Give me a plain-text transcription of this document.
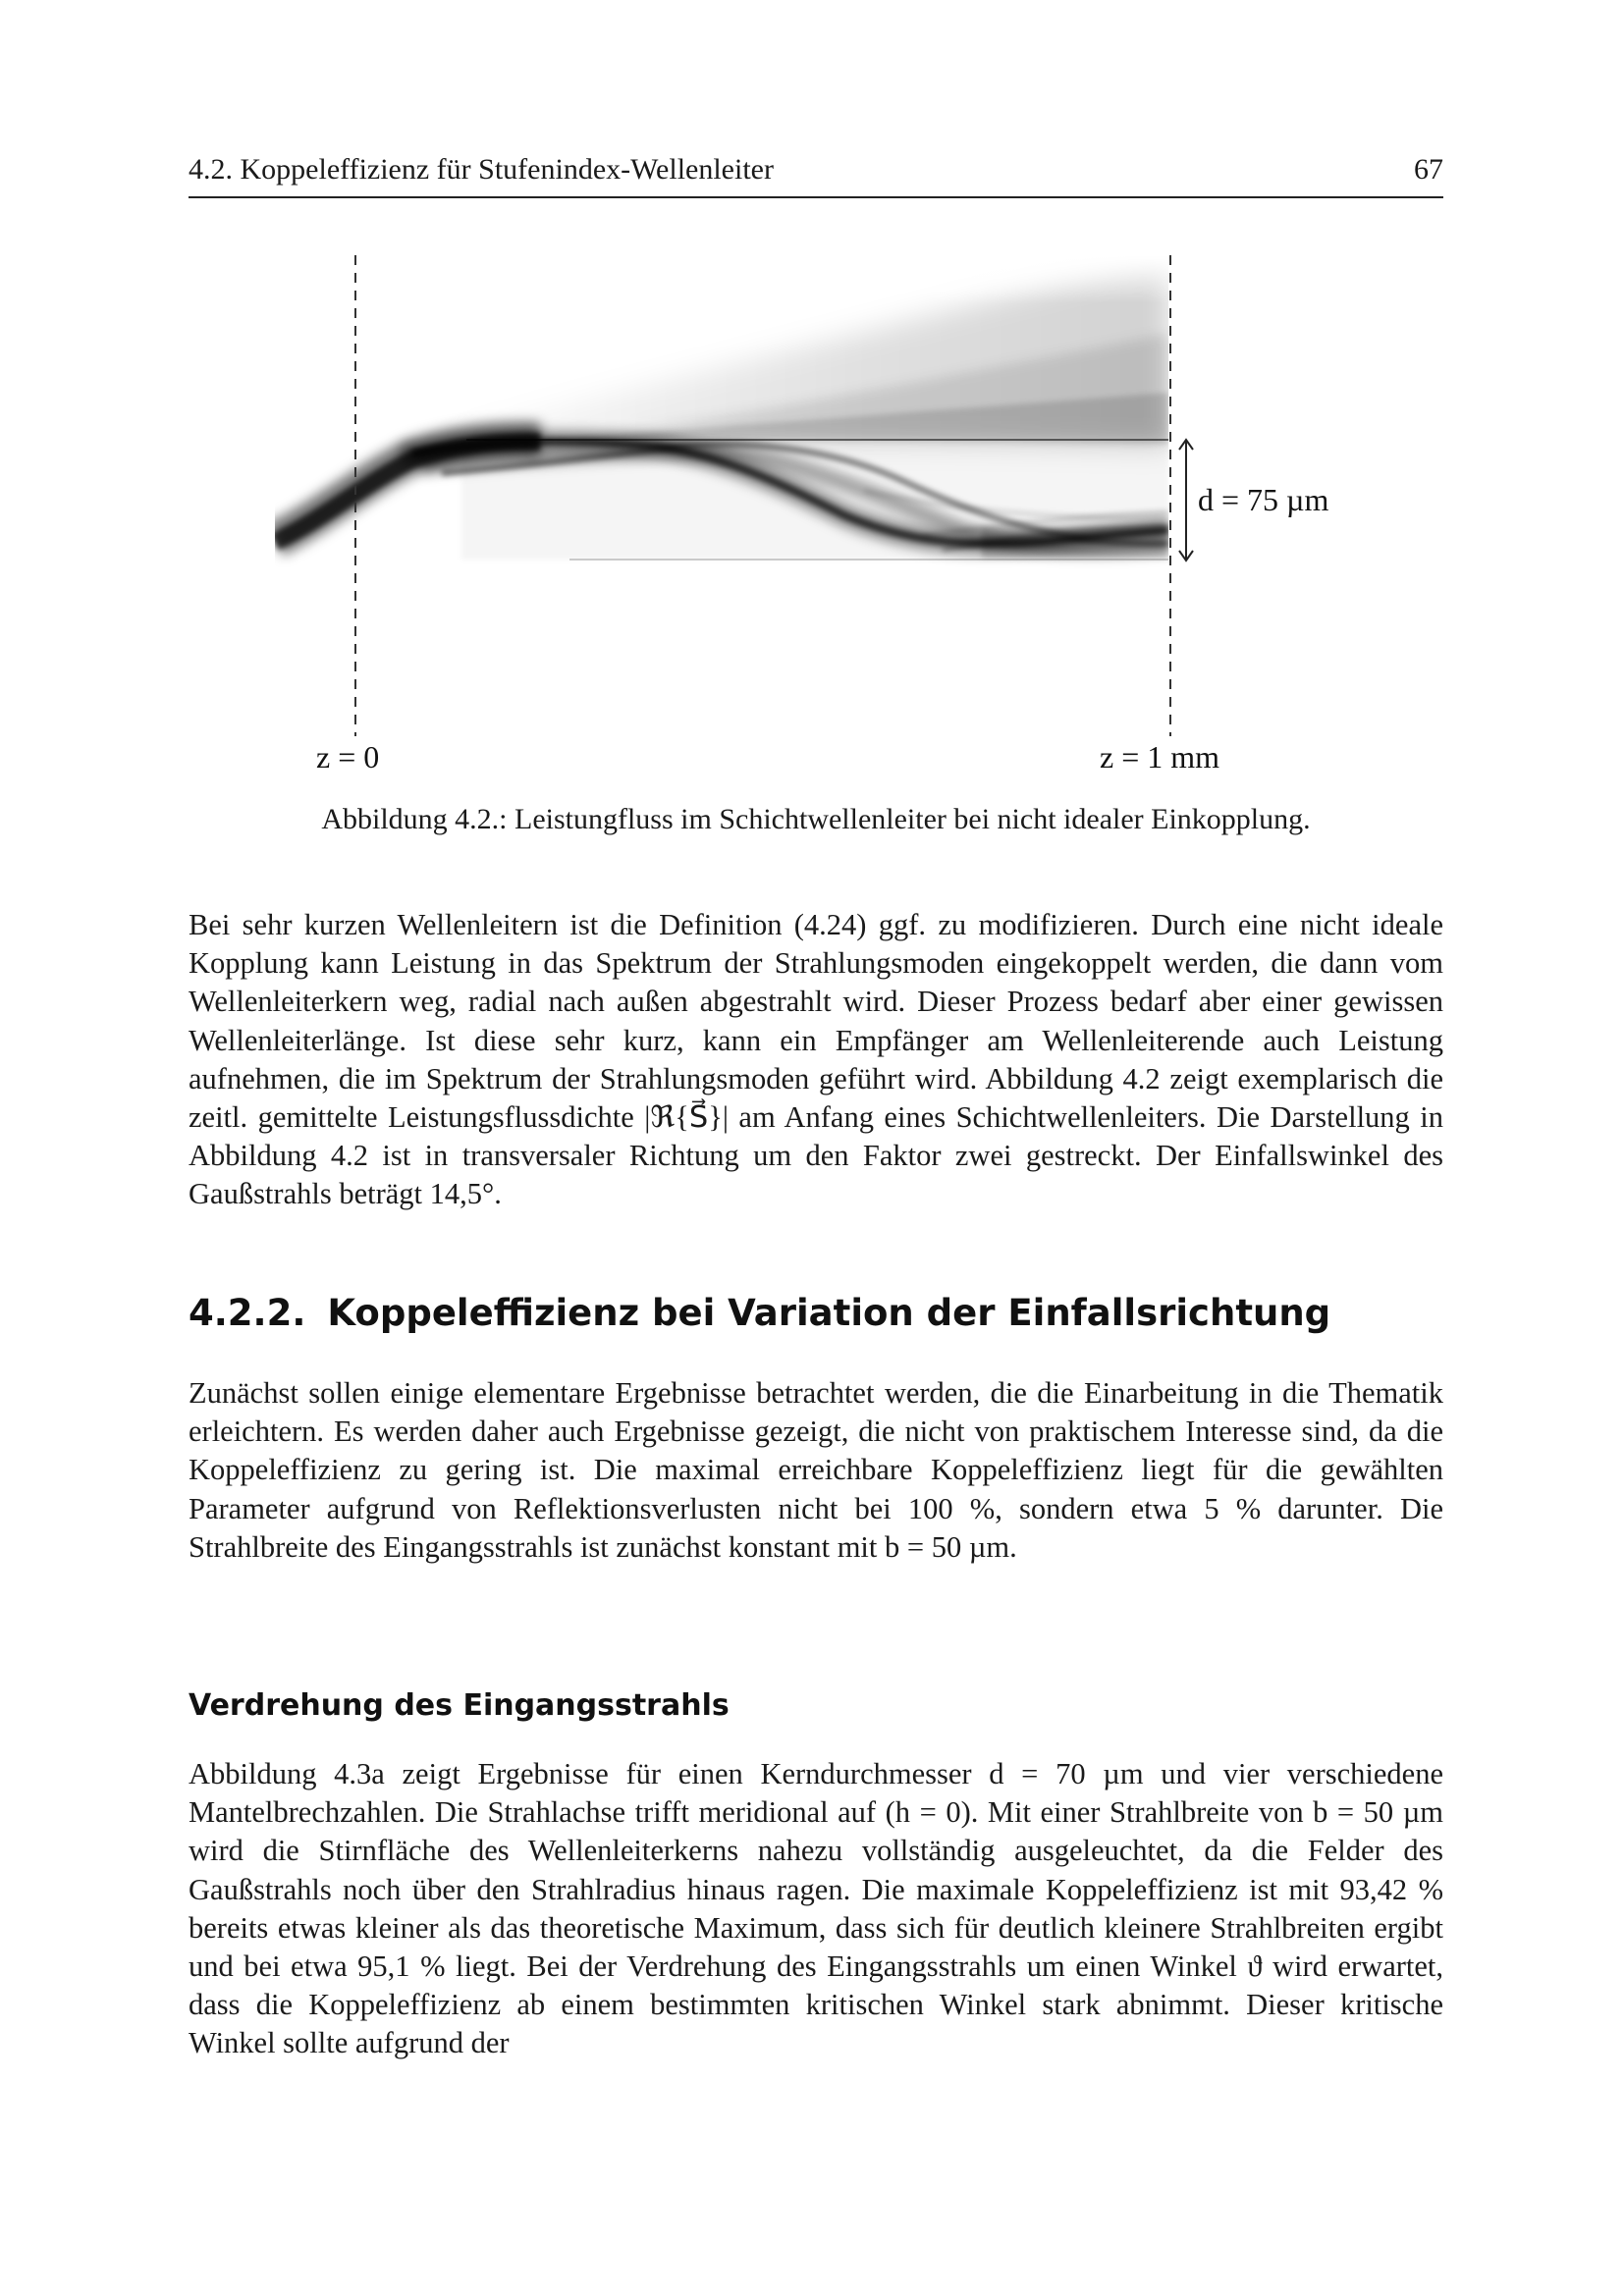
4.2. Koppeleffizienz für Stufenindex-Wellenleiter	67
d = 75 µm
z = 0	z = 1 mm
Abbildung 4.2.: Leistungfluss im Schichtwellenleiter bei nicht idealer Einkopplung.

Bei sehr kurzen Wellenleitern ist die Definition (4.24) ggf. zu modifizieren. Durch eine nicht ideale Kopplung kann Leistung in das Spektrum der Strahlungsmoden eingekoppelt werden, die dann vom Wellenleiterkern weg, radial nach außen abgestrahlt wird. Dieser Prozess bedarf aber einer gewissen Wellenleiterlänge. Ist diese sehr kurz, kann ein Empfänger am Wellenleiterende auch Leistung aufnehmen, die im Spektrum der Strahlungsmoden geführt wird. Abbildung 4.2 zeigt exemplarisch die zeitl. gemittelte Leistungsflussdichte |ℜ{S⃗}| am Anfang eines Schichtwellenleiters. Die Darstellung in Abbildung 4.2 ist in transversaler Richtung um den Faktor zwei gestreckt. Der Einfallswinkel des Gaußstrahls beträgt 14,5°.

4.2.2. Koppeleffizienz bei Variation der Einfallsrichtung

Zunächst sollen einige elementare Ergebnisse betrachtet werden, die die Einarbeitung in die Thematik erleichtern. Es werden daher auch Ergebnisse gezeigt, die nicht von praktischem Interesse sind, da die Koppeleffizienz zu gering ist. Die maximal erreichbare Koppeleffizienz liegt für die gewählten Parameter aufgrund von Reflektionsverlusten nicht bei 100 %, sondern etwa 5 % darunter. Die Strahlbreite des Eingangsstrahls ist zunächst konstant mit b = 50 µm.

Verdrehung des Eingangsstrahls

Abbildung 4.3a zeigt Ergebnisse für einen Kerndurchmesser d = 70 µm und vier verschiedene Mantelbrechzahlen. Die Strahlachse trifft meridional auf (h = 0). Mit einer Strahlbreite von b = 50 µm wird die Stirnfläche des Wellenleiterkerns nahezu vollständig ausgeleuchtet, da die Felder des Gaußstrahls noch über den Strahlradius hinaus ragen. Die maximale Koppeleffizienz ist mit 93,42 % bereits etwas kleiner als das theoretische Maximum, dass sich für deutlich kleinere Strahlbreiten ergibt und bei etwa 95,1 % liegt. Bei der Verdrehung des Eingangsstrahls um einen Winkel ϑ wird erwartet, dass die Koppeleffizienz ab einem bestimmten kritischen Winkel stark abnimmt. Dieser kritische Winkel sollte aufgrund der
